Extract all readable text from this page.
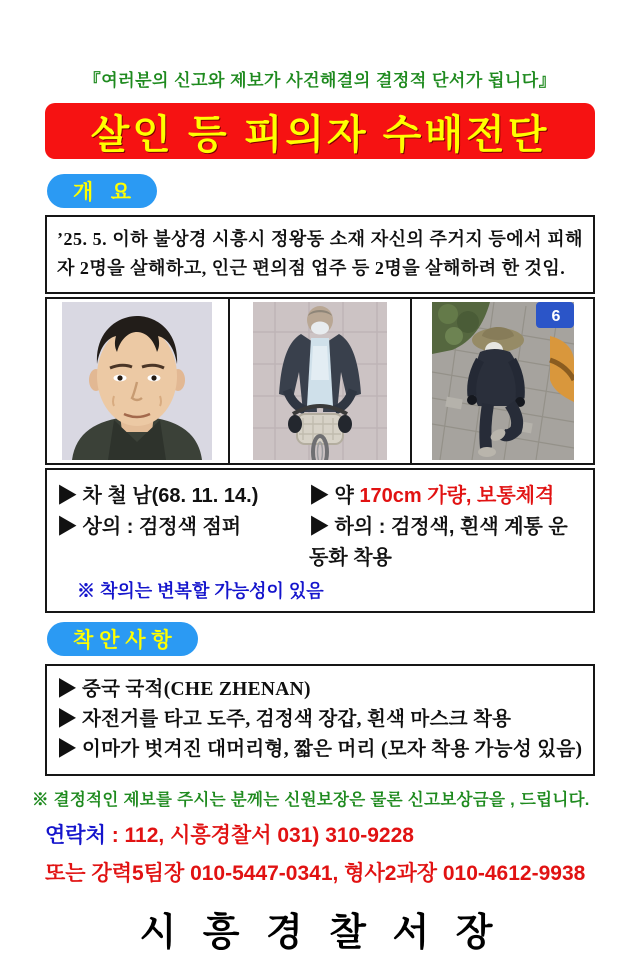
『여러분의 신고와 제보가 사건해결의 결정적 단서가 됩니다』
살인 등 피의자 수배전단
개   요
’25. 5. 이하 불상경 시흥시 정왕동 소재 자신의 주거지 등에서 피해자 2명을 살해하고, 인근 편의점 업주 등 2명을 살해하려 한 것임.
6
▶ 차 철 남(68. 11. 14.)	▶ 약 170cm 가량, 보통체격
▶ 상의 : 검정색 점퍼	▶ 하의 : 검정색, 흰색 계통 운동화 착용
※ 착의는 변복할 가능성이 있음
착 안 사 항
▶ 중국 국적(CHE ZHENAN)
▶ 자전거를 타고 도주, 검정색 장갑, 흰색 마스크 착용
▶ 이마가 벗겨진 대머리형, 짧은 머리 (모자 착용 가능성 있음)
※ 결정적인 제보를 주시는 분께는 신원보장은 물론 신고보상금을 , 드립니다.
연락처 : 112, 시흥경찰서 031) 310-9228
또는 강력5팀장 010-5447-0341, 형사2과장 010-4612-9938
시 흥 경 찰 서 장
